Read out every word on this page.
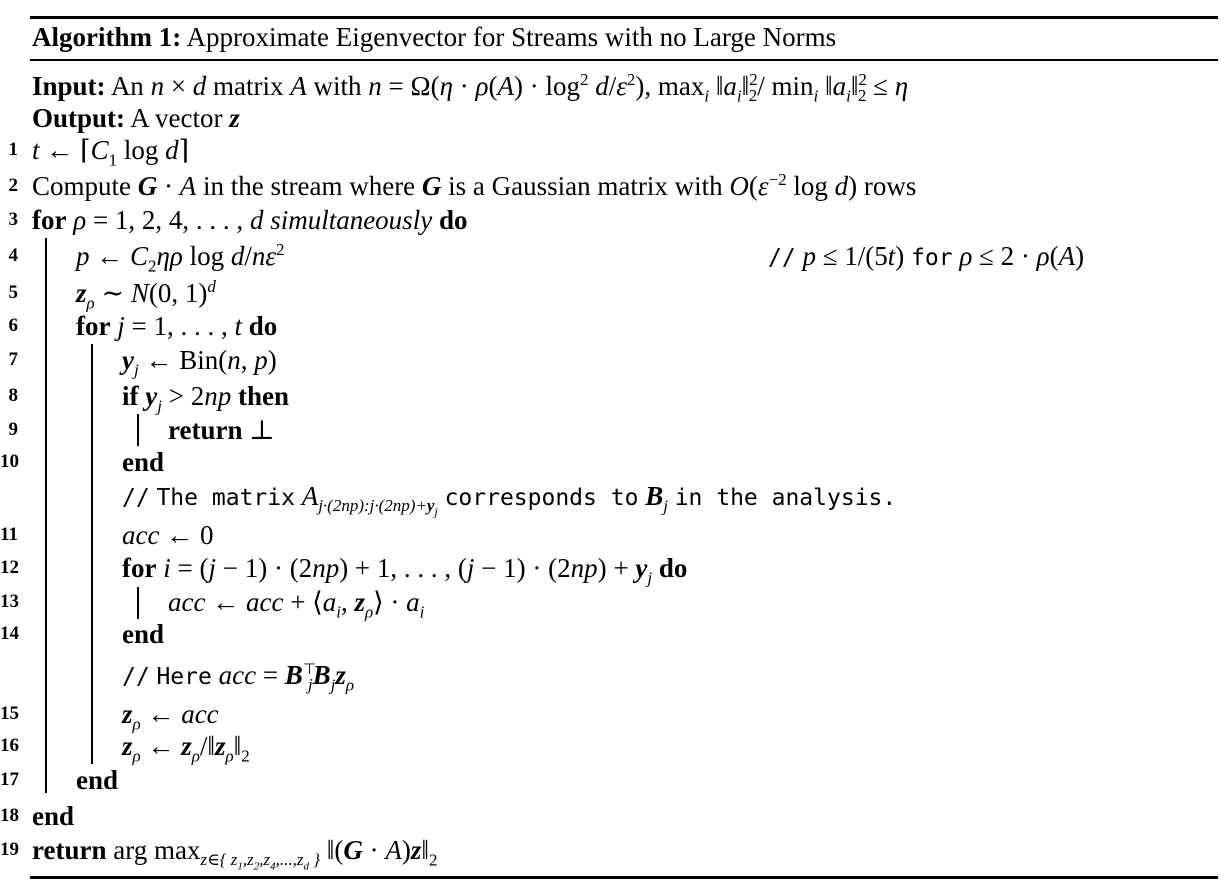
Algorithm 1: Approximate Eigenvector for Streams with no Large Norms
Input: An n × d matrix A with $n = \Omega(\eta \cdot \rho(A) \cdot \log^2 d/\varepsilon^2)$, $\max_i$ $‖a_i‖^2_2/$ $\min_i$ $‖a_i‖^2_2 \le \eta$
Output: A vector z
1
2
3
4
5
6
7
8
9
10
11
12
13
14
15
16
17
18
19
t ← $⌈C_1$ log d⌉
Compute G · A in the stream where G is a Gaussian matrix with $O(\varepsilon^{-2}$ log d) rows
for ρ = 1, 2, 4, . . . , d simultaneously do
p ← $C_2\eta\rho$ $\log d/n\varepsilon^2$	// p ≤ 1/(5t) for ρ ≤ 2 · ρ(A)
$z_\rho$ ∼ N(0, 1)$^d$
for j = 1, . . . , t do
$y_j$ ← Bin(n, p)
if $y_j > 2np$ then
return ⊥
end
// The matrix $A_{j\cdot(2np):j\cdot(2np)+y_j}$ corresponds to $B_j$ in the analysis.
acc ← 0
for i = (j − 1) · (2np) + 1, . . . , $(j - 1) \cdot (2np) + y_j$ do
acc ← acc + $⟨a_i$, $z_\rho⟩ \cdot a_i$
end
// Here acc = $B^⊤_jB_jz_\rho$
$z_\rho$ ← acc
$z_\rho$ ← $z_\rho/‖z_\rho‖_2$
end
end
return arg $\max_{z\in\{ z_1,z_2,z_4,...,z_d \}}$ ‖(G · $A)z‖_2$
